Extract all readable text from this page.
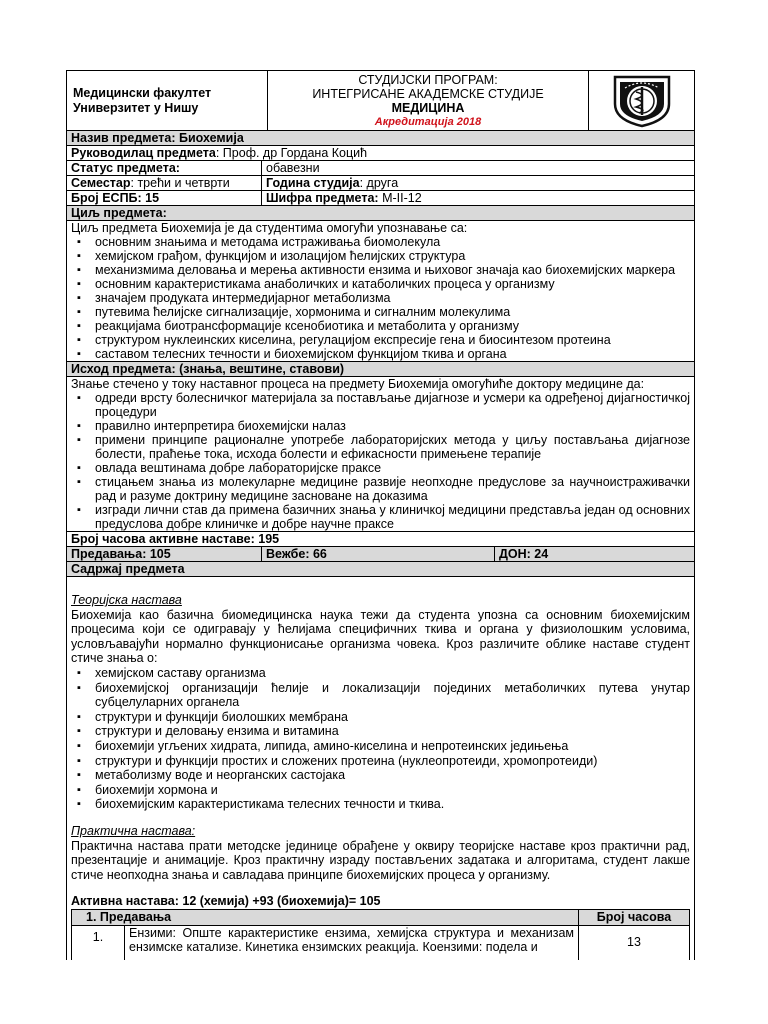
Медицински факултет
Универзитет у Нишу
СТУДИЈСКИ ПРОГРАМ:
ИНТЕГРИСАНЕ АКАДЕМСКЕ СТУДИЈЕ
МЕДИЦИНА
Акредитација 2018
Назив предмета: Биохемија
Руководилац предмета: Проф. др Гордана Коцић
Статус предмета:	обавезни
Семестар: трећи и четврти	Година студија: друга
Број ЕСПБ: 15	Шифра предмета: М-II-12
Циљ предмета:
Циљ предмета Биохемија је да студентима омогући упознавање са:
▪ основним знањима и методама истраживања биомолекула
▪ хемијском грађом, функцијом и изолацијом ћелијских структура
▪ механизмима деловања и мерења активности ензима и њиховог значаја као биохемијских маркера
▪ основним карактеристикама анаболичких и катаболичких процеса у организму
▪ значајем продуката интермедијарног метаболизма
▪ путевима ћелијске сигнализације, хормонима и сигналним молекулима
▪ реакцијама биотрансформације ксенобиотика и метаболита у организму
▪ структуром нуклеинских киселина, регулацијом експресије гена и биосинтезом протеина
▪ саставом телесних течности и биохемијском функцијом ткива и органа
Исход предмета: (знања, вештине, ставови)
Знање стечено у току наставног процеса на предмету Биохемија омогућиће доктору медицине да:
▪ одреди врсту болесничког материјала за постављање дијагнозе и усмери ка одређеној дијагностичкој процедури
▪ правилно интерпретира биохемијски налаз
▪ примени принципе рационалне употребе лабораторијских метода у циљу постављања дијагнозе болести, праћење тока, исхода болести и ефикасности примењене терапије
▪ овлада вештинама добре лабораторијске праксе
▪ стицањем знања из молекуларне медицине развије неопходне предуслове за научноистраживачки рад и разуме доктрину медицине засноване на доказима
▪ изгради лични став да примена базичних знања у клиничкој медицини представља један од основних предуслова добре клиничке и добре научне праксе
Број часова активне наставе: 195
Предавања: 105	Вежбе: 66	ДОН: 24
Садржај предмета
Теоријска настава
Биохемија као базична биомедицинска наука тежи да студента упозна са основним биохемијским процесима који се одигравају у ћелијама специфичних ткива и органа у физиолошким условима, условљавајући нормално функционисање организма човека. Кроз различите облике наставе студент стиче знања о:
▪ хемијском саставу организма
▪ биохемијској организацији ћелије и локализацији појединих метаболичких путева унутар субцелуларних органела
▪ структури и функцији биолошких мембрана
▪ структури и деловању ензима и витамина
▪ биохемији угљених хидрата, липида, амино-киселина и непротеинских једињења
▪ структури и функцији простих и сложених протеина (нуклеопротеиди, хромопротеиди)
▪ метаболизму воде и неорганских састојака
▪ биохемији хормона и
▪ биохемијским карактеристикама телесних течности и ткива.
Практична настава:
Практична настава прати методске јединице обрађене у оквиру теоријске наставе кроз практични рад, презентације и анимације. Кроз практичну израду постављених задатака и алгоритама, студент лакше стиче неопходна знања и савладава принципе биохемијских процеса у организму.
Активна настава: 12 (хемија) +93 (биохемија)= 105
1. Предавања	Број часова
1.	Ензими: Опште карактеристике ензима, хемијска структура и механизам ензимске катализе. Кинетика ензимских реакција. Коензими: подела и	13
